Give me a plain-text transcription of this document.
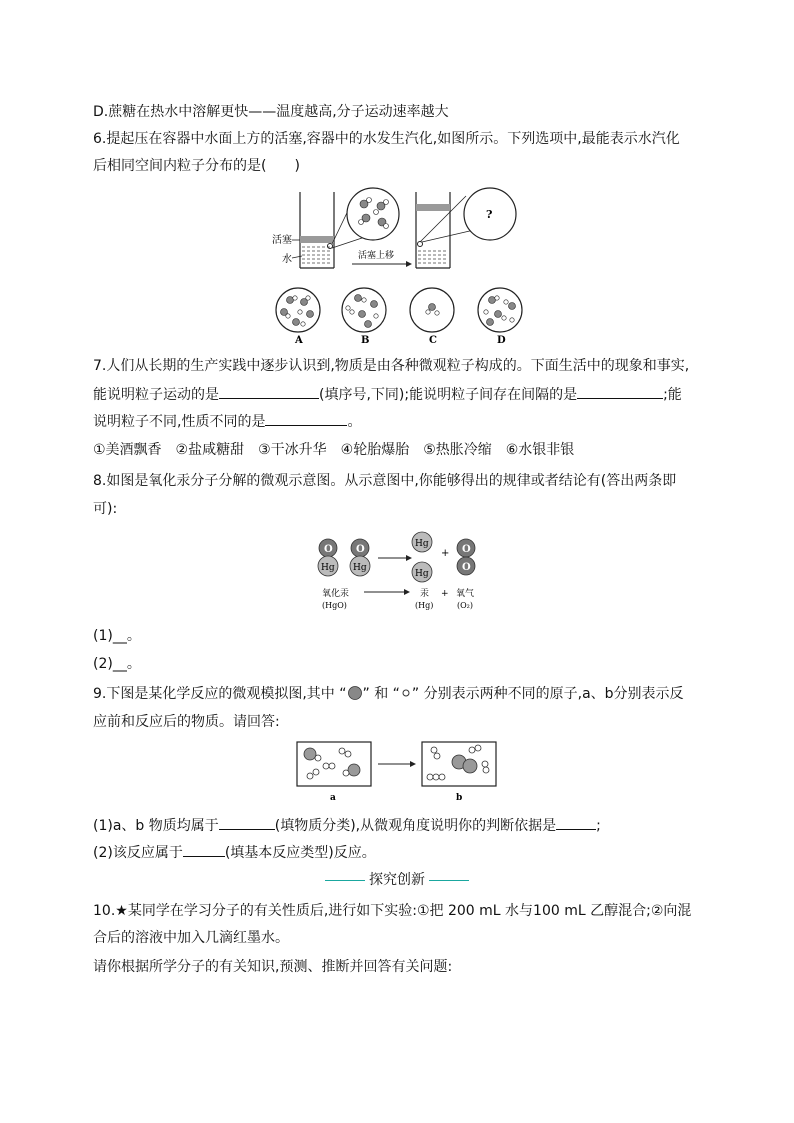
D.蔗糖在热水中溶解更快——温度越高,分子运动速率越大
6.提起压在容器中水面上方的活塞,容器中的水发生汽化,如图所示。下列选项中,最能表示水汽化
后相同空间内粒子分布的是(　　)
活塞
水	活塞上移
?
A	B	C	D
7.人们从长期的生产实践中逐步认识到,物质是由各种微观粒子构成的。下面生活中的现象和事实,
能说明粒子运动的是	(填序号,下同);能说明粒子间存在间隔的是	;能
说明粒子不同,性质不同的是	。
①美酒飘香　②盐咸糖甜　③干冰升华　④轮胎爆胎　⑤热胀冷缩　⑥水银非银
8.如图是氧化汞分子分解的微观示意图。从示意图中,你能够得出的规律或者结论有(答出两条即
可):
O
Hg
O
Hg
Hg
Hg
+ O
O
氧化汞
(HgO)
汞
(Hg)
+ 氧气
(O₂)
(1)__。
(2)__。
9.下图是某化学反应的微观模拟图,其中 “ ” 和 “ ” 分别表示两种不同的原子,a、b分别表示反
应前和反应后的物质。请回答:
a	b
(1)a、b 物质均属于	(填物质分类),从微观角度说明你的判断依据是	;
(2)该反应属于	(填基本反应类型)反应。
探究创新
10.★某同学在学习分子的有关性质后,进行如下实验:①把 200 mL 水与100 mL 乙醇混合;②向混
合后的溶液中加入几滴红墨水。
请你根据所学分子的有关知识,预测、推断并回答有关问题:
